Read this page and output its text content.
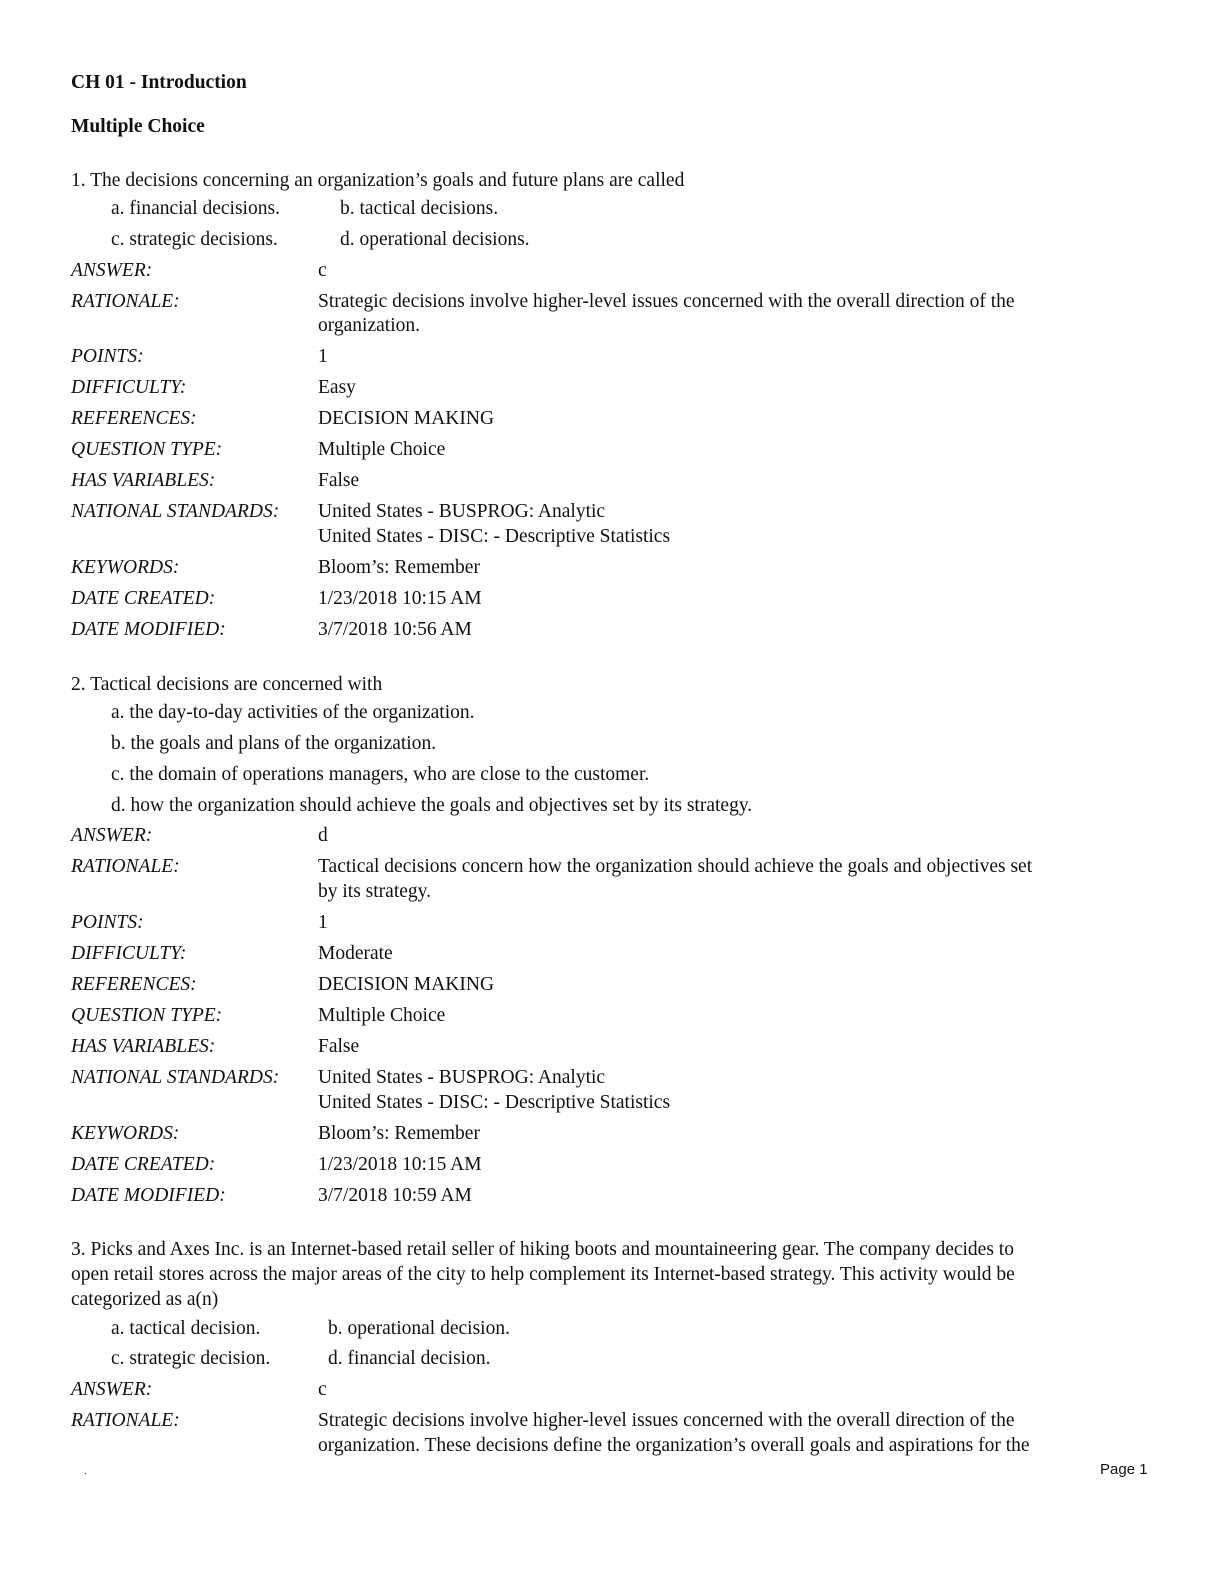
CH 01 - Introduction
Multiple Choice
1. The decisions concerning an organization’s goals and future plans are called
a. financial decisions.	b. tactical decisions.
c. strategic decisions.	d. operational decisions.
ANSWER:	c
RATIONALE:	Strategic decisions involve higher-level issues concerned with the overall direction of the
organization.
POINTS:	1
DIFFICULTY:	Easy
REFERENCES:	DECISION MAKING
QUESTION TYPE:	Multiple Choice
HAS VARIABLES:	False
NATIONAL STANDARDS: United States - BUSPROG: Analytic
United States - DISC: - Descriptive Statistics
KEYWORDS:	Bloom’s: Remember
DATE CREATED:	1/23/2018 10:15 AM
DATE MODIFIED:	3/7/2018 10:56 AM
2. Tactical decisions are concerned with
a. the day-to-day activities of the organization.
b. the goals and plans of the organization.
c. the domain of operations managers, who are close to the customer.
d. how the organization should achieve the goals and objectives set by its strategy.
ANSWER:	d
RATIONALE:	Tactical decisions concern how the organization should achieve the goals and objectives set
by its strategy.
POINTS:	1
DIFFICULTY:	Moderate
REFERENCES:	DECISION MAKING
QUESTION TYPE:	Multiple Choice
HAS VARIABLES:	False
NATIONAL STANDARDS: United States - BUSPROG: Analytic
United States - DISC: - Descriptive Statistics
KEYWORDS:	Bloom’s: Remember
DATE CREATED:	1/23/2018 10:15 AM
DATE MODIFIED:	3/7/2018 10:59 AM
3. Picks and Axes Inc. is an Internet-based retail seller of hiking boots and mountaineering gear. The company decides to
open retail stores across the major areas of the city to help complement its Internet-based strategy. This activity would be
categorized as a(n)
a. tactical decision.	b. operational decision.
c. strategic decision.	d. financial decision.
ANSWER:	c
RATIONALE:	Strategic decisions involve higher-level issues concerned with the overall direction of the
organization. These decisions define the organization’s overall goals and aspirations for the
.	Page 1
